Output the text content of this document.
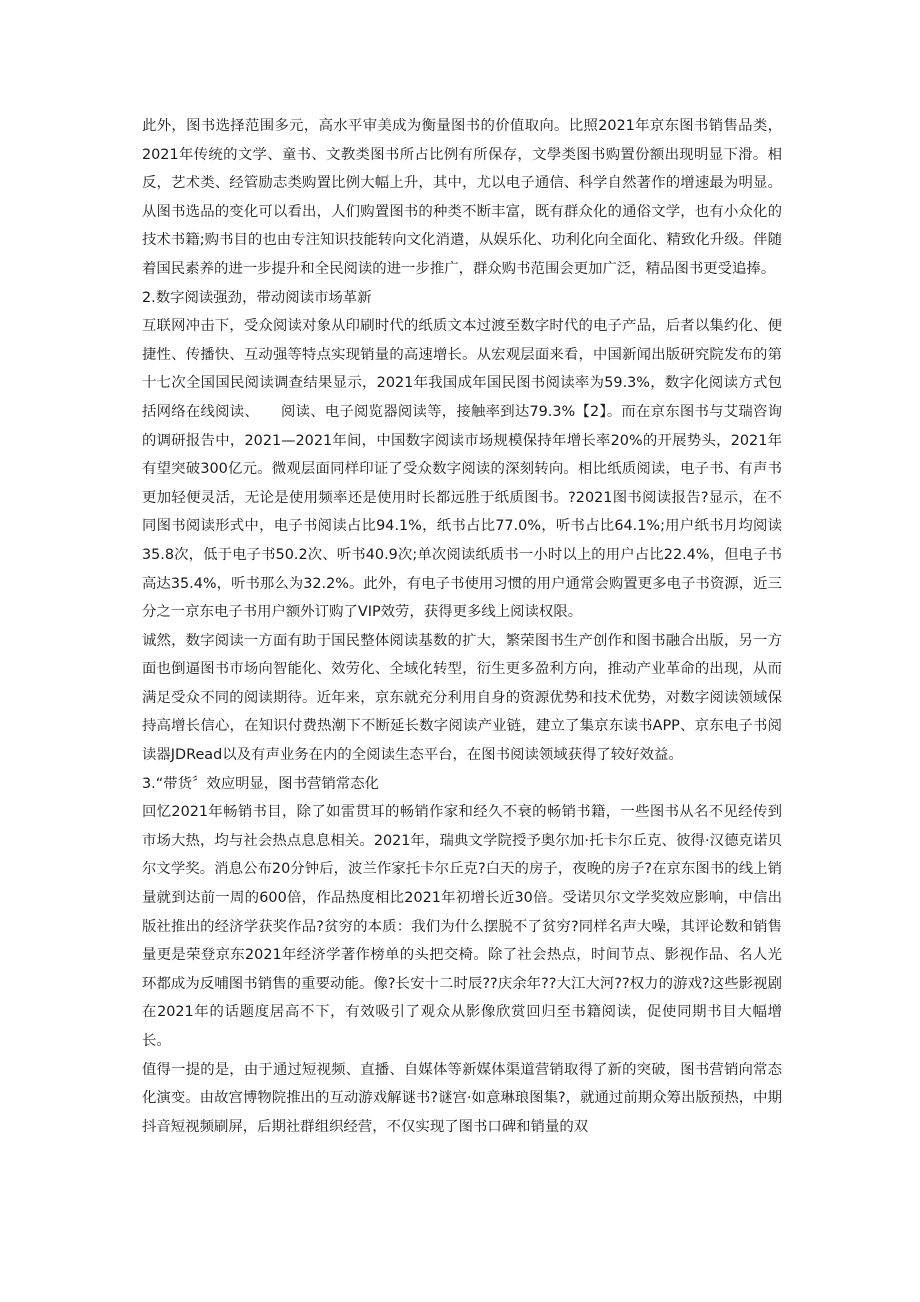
此外，图书选择范围多元，高水平审美成为衡量图书的价值取向。比照2021年京东图书销售品类，2021年传统的文学、童书、文教类图书所占比例有所保存，文學类图书购置份额出现明显下滑。相反，艺术类、经管励志类购置比例大幅上升，其中，尤以电子通信、科学自然著作的增速最为明显。从图书选品的变化可以看出，人们购置图书的种类不断丰富，既有群众化的通俗文学，也有小众化的技术书籍;购书目的也由专注知识技能转向文化消遣，从娱乐化、功利化向全面化、精致化升级。伴随着国民素养的进一步提升和全民阅读的进一步推广，群众购书范围会更加广泛，精品图书更受追捧。

2.数字阅读强劲，带动阅读市场革新

互联网冲击下，受众阅读对象从印刷时代的纸质文本过渡至数字时代的电子产品，后者以集约化、便捷性、传播快、互动强等特点实现销量的高速增长。从宏观层面来看，中国新闻出版研究院发布的第十七次全国国民阅读调查结果显示，2021年我国成年国民图书阅读率为59.3%，数字化阅读方式包括网络在线阅读、　　阅读、电子阅览器阅读等，接触率到达79.3%【2】。而在京东图书与艾瑞咨询的调研报告中，2021—2021年间，中国数字阅读市场规模保持年增长率20%的开展势头，2021年有望突破300亿元。微观层面同样印证了受众数字阅读的深刻转向。相比纸质阅读，电子书、有声书更加轻便灵活，无论是使用频率还是使用时长都远胜于纸质图书。?2021图书阅读报告?显示，在不同图书阅读形式中，电子书阅读占比94.1%，纸书占比77.0%，听书占比64.1%;用户纸书月均阅读35.8次，低于电子书50.2次、听书40.9次;单次阅读纸质书一小时以上的用户占比22.4%，但电子书高达35.4%，听书那么为32.2%。此外，有电子书使用习惯的用户通常会购置更多电子书资源，近三分之一京东电子书用户额外订购了VIP效劳，获得更多线上阅读权限。

诚然，数字阅读一方面有助于国民整体阅读基数的扩大，繁荣图书生产创作和图书融合出版，另一方面也倒逼图书市场向智能化、效劳化、全域化转型，衍生更多盈利方向，推动产业革命的出现，从而满足受众不同的阅读期待。近年来，京东就充分利用自身的资源优势和技术优势，对数字阅读领域保持高增长信心，在知识付费热潮下不断延长数字阅读产业链，建立了集京东读书APP、京东电子书阅读器JDRead以及有声业务在内的全阅读生态平台，在图书阅读领域获得了较好效益。

3.“带货〞效应明显，图书营销常态化

回忆2021年畅销书目，除了如雷贯耳的畅销作家和经久不衰的畅销书籍，一些图书从名不见经传到市场大热，均与社会热点息息相关。2021年，瑞典文学院授予奥尔加·托卡尔丘克、彼得·汉德克诺贝尔文学奖。消息公布20分钟后，波兰作家托卡尔丘克?白天的房子，夜晚的房子?在京东图书的线上销量就到达前一周的600倍，作品热度相比2021年初增长近30倍。受诺贝尔文学奖效应影响，中信出版社推出的经济学获奖作品?贫穷的本质：我们为什么摆脱不了贫穷?同样名声大噪，其评论数和销售量更是荣登京东2021年经济学著作榜单的头把交椅。除了社会热点，时间节点、影视作品、名人光环都成为反哺图书销售的重要动能。像?长安十二时辰??庆余年??大江大河??权力的游戏?这些影视剧在2021年的话题度居高不下，有效吸引了观众从影像欣赏回归至书籍阅读，促使同期书目大幅增长。

值得一提的是，由于通过短视频、直播、自媒体等新媒体渠道营销取得了新的突破，图书营销向常态化演变。由故宫博物院推出的互动游戏解谜书?谜宫·如意琳琅图集?，就通过前期众筹出版预热，中期抖音短视频刷屏，后期社群组织经营，不仅实现了图书口碑和销量的双
